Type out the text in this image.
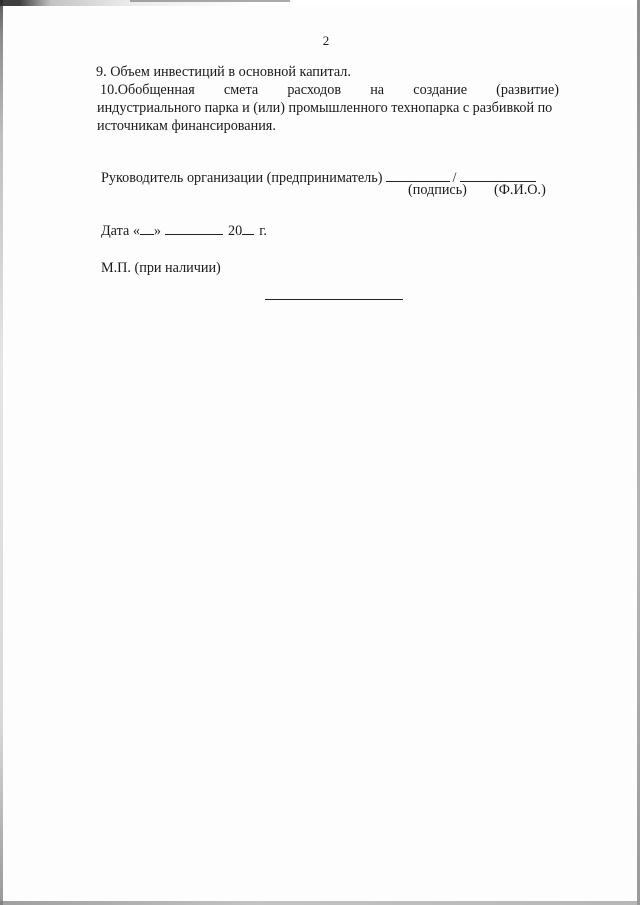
2
9. Объем инвестиций в основной капитал.
10.Обобщенная смета расходов на создание (развитие)
индустриального парка и (или) промышленного технопарка с разбивкой по
источникам финансирования.
Руководитель организации (предприниматель)	/
(подпись) (Ф.И.О.)
Дата « »	20 г.
М.П. (при наличии)
